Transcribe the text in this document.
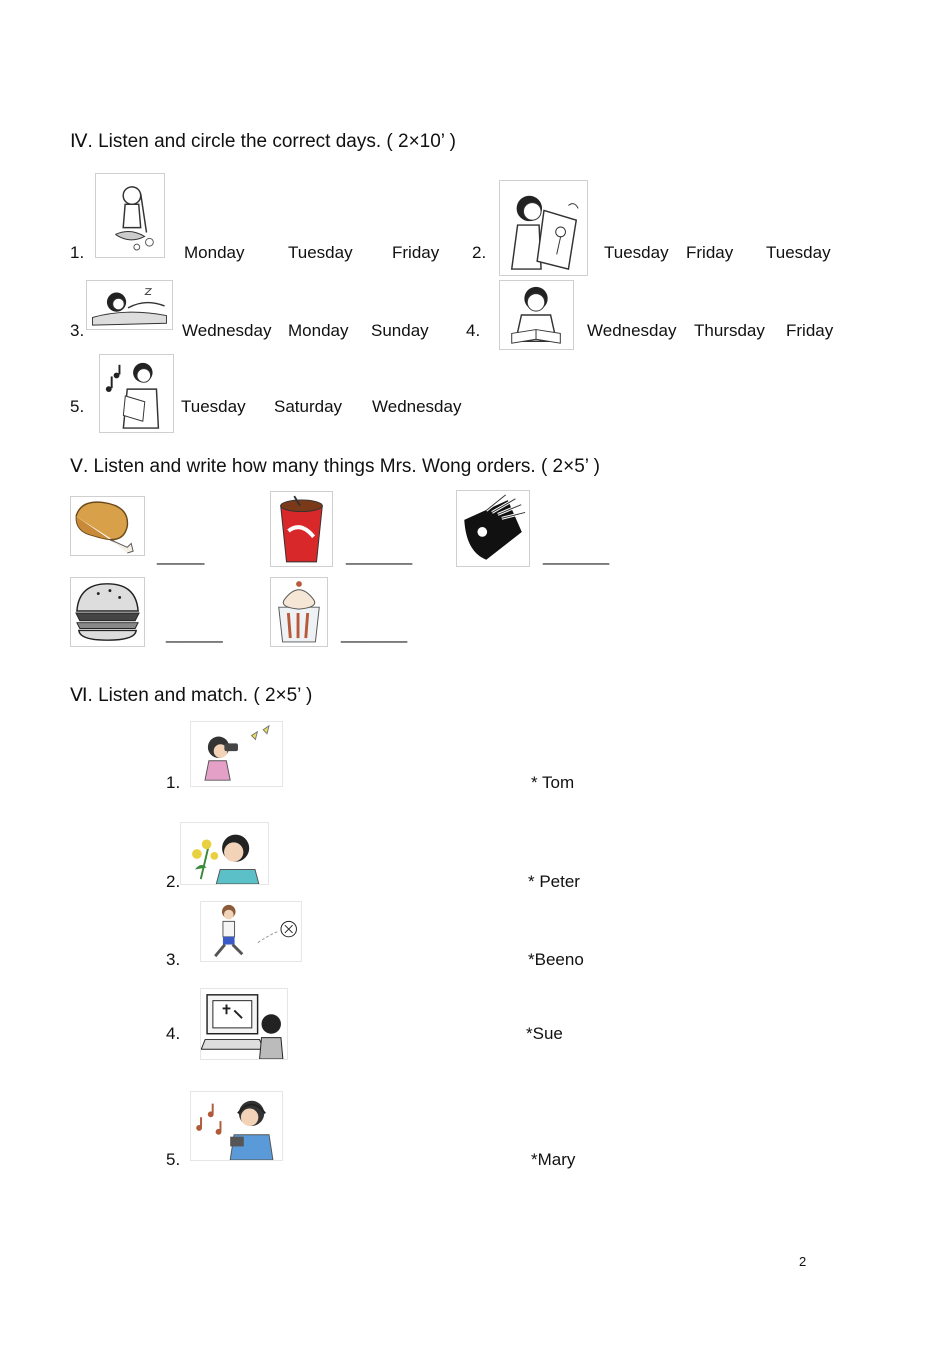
Ⅳ. Listen and circle the correct days. ( 2×10’ )
1.	Monday	Tuesday Friday 2.	Tuesday Friday Tuesday
3.	Wednesday Monday Sunday 4.	Wednesday Thursday Friday
5.	Tuesday Saturday Wednesday
Ⅴ. Listen and write how many things Mrs. Wong orders. ( 2×5’ )
_____	_______	_______
______	_______
Ⅵ. Listen and match. ( 2×5’ )
1.	* Tom
2.	* Peter
3.	*Beeno
4.	*Sue
5.	*Mary
2
